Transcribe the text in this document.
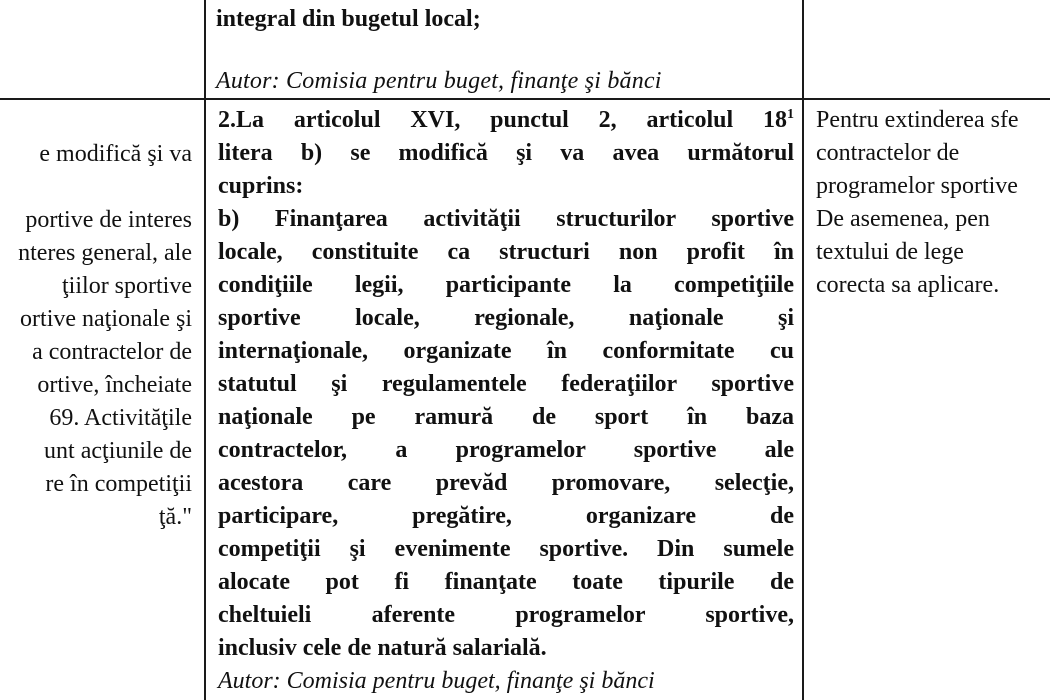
integral din bugetul local;
Autor: Comisia pentru buget, finanţe şi bănci
e modifică şi va
portive de interes
nteres general, ale
ţiilor sportive
ortive naţionale şi
a contractelor de
ortive, încheiate
69. Activităţile
unt acţiunile de
re în competiţii
ţă."
2.La articolul XVI, punctul 2, articolul $18^1$
litera b) se modifică şi va avea următorul
cuprins:
b) Finanţarea activităţii structurilor sportive
locale, constituite ca structuri non profit în
condiţiile legii, participante la competiţiile
sportive locale, regionale, naţionale şi
internaţionale, organizate în conformitate cu
statutul şi regulamentele federaţiilor sportive
naţionale pe ramură de sport în baza
contractelor, a programelor sportive ale
acestora care prevăd promovare, selecţie,
participare, pregătire, organizare de
competiţii şi evenimente sportive. Din sumele
alocate pot fi finanţate toate tipurile de
cheltuieli aferente programelor sportive,
inclusiv cele de natură salarială.
Autor: Comisia pentru buget, finanţe şi bănci
Pentru extinderea sfe
contractelor de
programelor sportive
De asemenea, pen
textului de lege
corecta sa aplicare.
